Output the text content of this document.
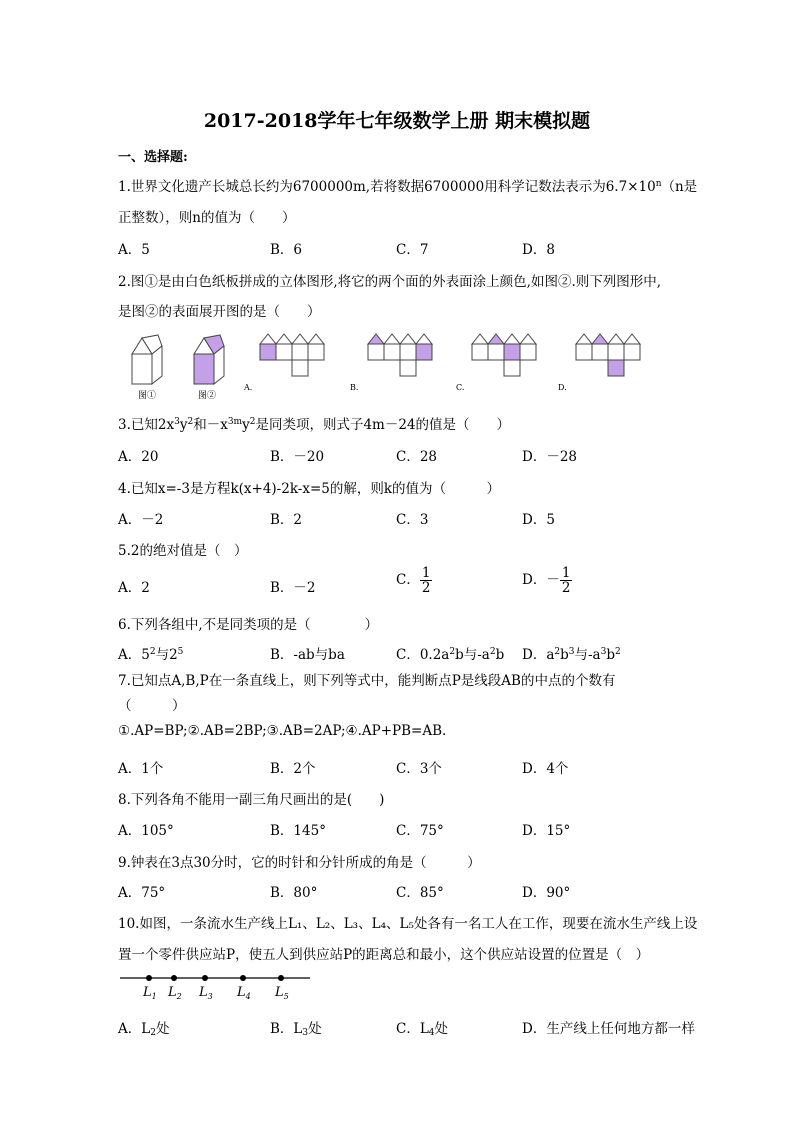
2017-2018学年七年级数学上册 期末模拟题
一、选择题:
1.世界文化遗产长城总长约为6700000m,若将数据6700000用科学记数法表示为$6.7\times 10^n(n$是
正整数），则n的值为（　　）
A．5	B．6	C．7	D．8
2.图①是由白色纸板拼成的立体图形,将它的两个面的外表面涂上颜色,如图②.则下列图形中,
是图②的表面展开图的是（　　）
图①	图②
A.	B.	C.	D.
3.已知$2x^3y^2$和$-x^{3m}y^2$是同类项，则式子4m－24的值是（　　）
A．20	B．－20	C．28	D．－28
4.已知x=-3是方程k(x+4)-2k-x=5的解，则k的值为（　　　）
A．－2	B．2	C．3	D．5
5.2的绝对值是（　）
A．2	B．－2	C． $\frac{1}{2}$	D．－ $\frac{1}{2}$
6.下列各组中,不是同类项的是（　　　　）
A．$5^2$与$2^5$	B．-ab与ba	C．$0.2a^2b$与$-a^2b$ D．$a^2b^3$与$-a^3b^2$
7.已知点A,B,P在一条直线上，则下列等式中，能判断点P是线段AB的中点的个数有
（　　　）
①.AP=BP;②.AB=2BP;③.AB=2AP;④.AP+PB=AB.
A．1个	B．2个	C．3个	D．4个
8.下列各角不能用一副三角尺画出的是(　　)
A．105°	B．145°	C．75°	D．15°
9.钟表在3点30分时，它的时针和分针所成的角是（　　　）
A．75°	B．80°	C．85°	D．90°
10.如图，一条流水生产线上L₁、L₂、L₃、L₄、L₅处各有一名工人在工作，现要在流水生产线上设
置一个零件供应站P，使五人到供应站P的距离总和最小，这个供应站设置的位置是（　）
$L_1$ $L_2$ $L_3$ $L_4$ $L_5$
A．$L_2$处	B．$L_3$处	C．$L_4$处	D．生产线上任何地方都一样
